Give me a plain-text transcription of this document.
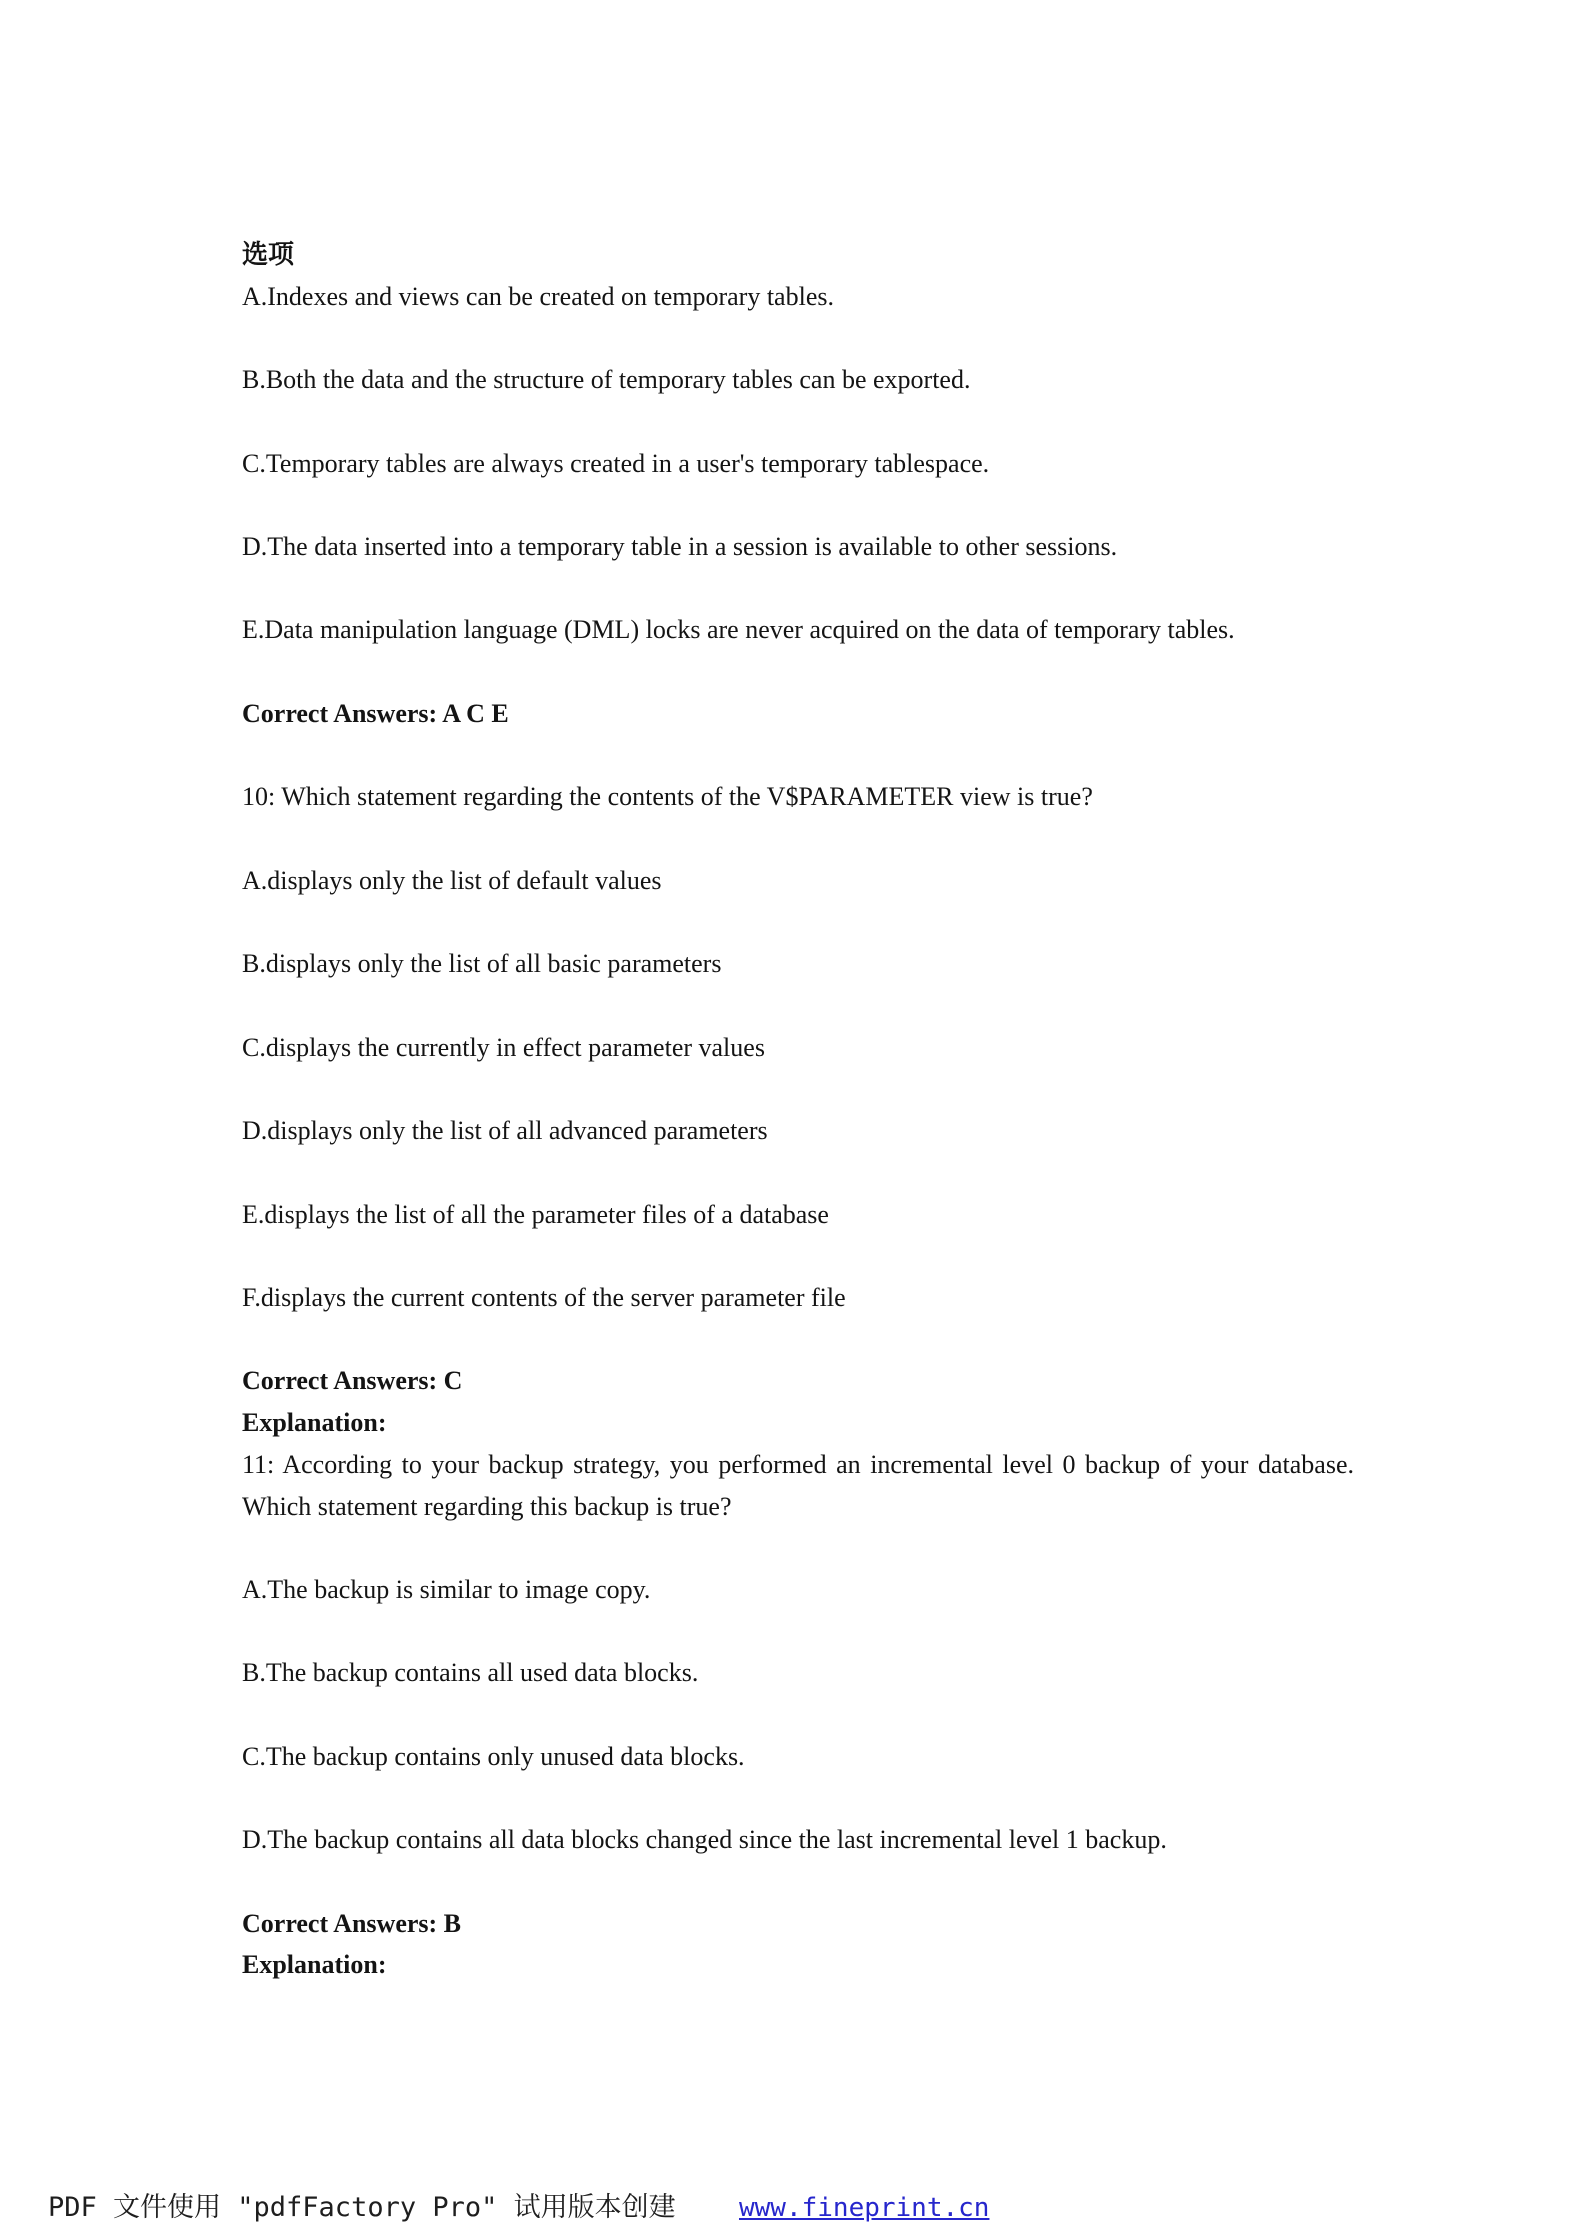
选项

A.Indexes and views can be created on temporary tables.

B.Both the data and the structure of temporary tables can be exported.

C.Temporary tables are always created in a user's temporary tablespace.

D.The data inserted into a temporary table in a session is available to other sessions.

E.Data manipulation language (DML) locks are never acquired on the data of temporary tables.

Correct Answers: A C E

10: Which statement regarding the contents of the V$PARAMETER view is true?

A.displays only the list of default values

B.displays only the list of all basic parameters

C.displays the currently in effect parameter values

D.displays only the list of all advanced parameters

E.displays the list of all the parameter files of a database

F.displays the current contents of the server parameter file

Correct Answers: C

Explanation:

11: According to your backup strategy, you performed an incremental level 0 backup of your database. Which statement regarding this backup is true?

A.The backup is similar to image copy.

B.The backup contains all used data blocks.

C.The backup contains only unused data blocks.

D.The backup contains all data blocks changed since the last incremental level 1 backup.

Correct Answers: B

Explanation:

PDF 文件使用 "pdfFactory Pro" 试用版本创建 www.fineprint.cn
